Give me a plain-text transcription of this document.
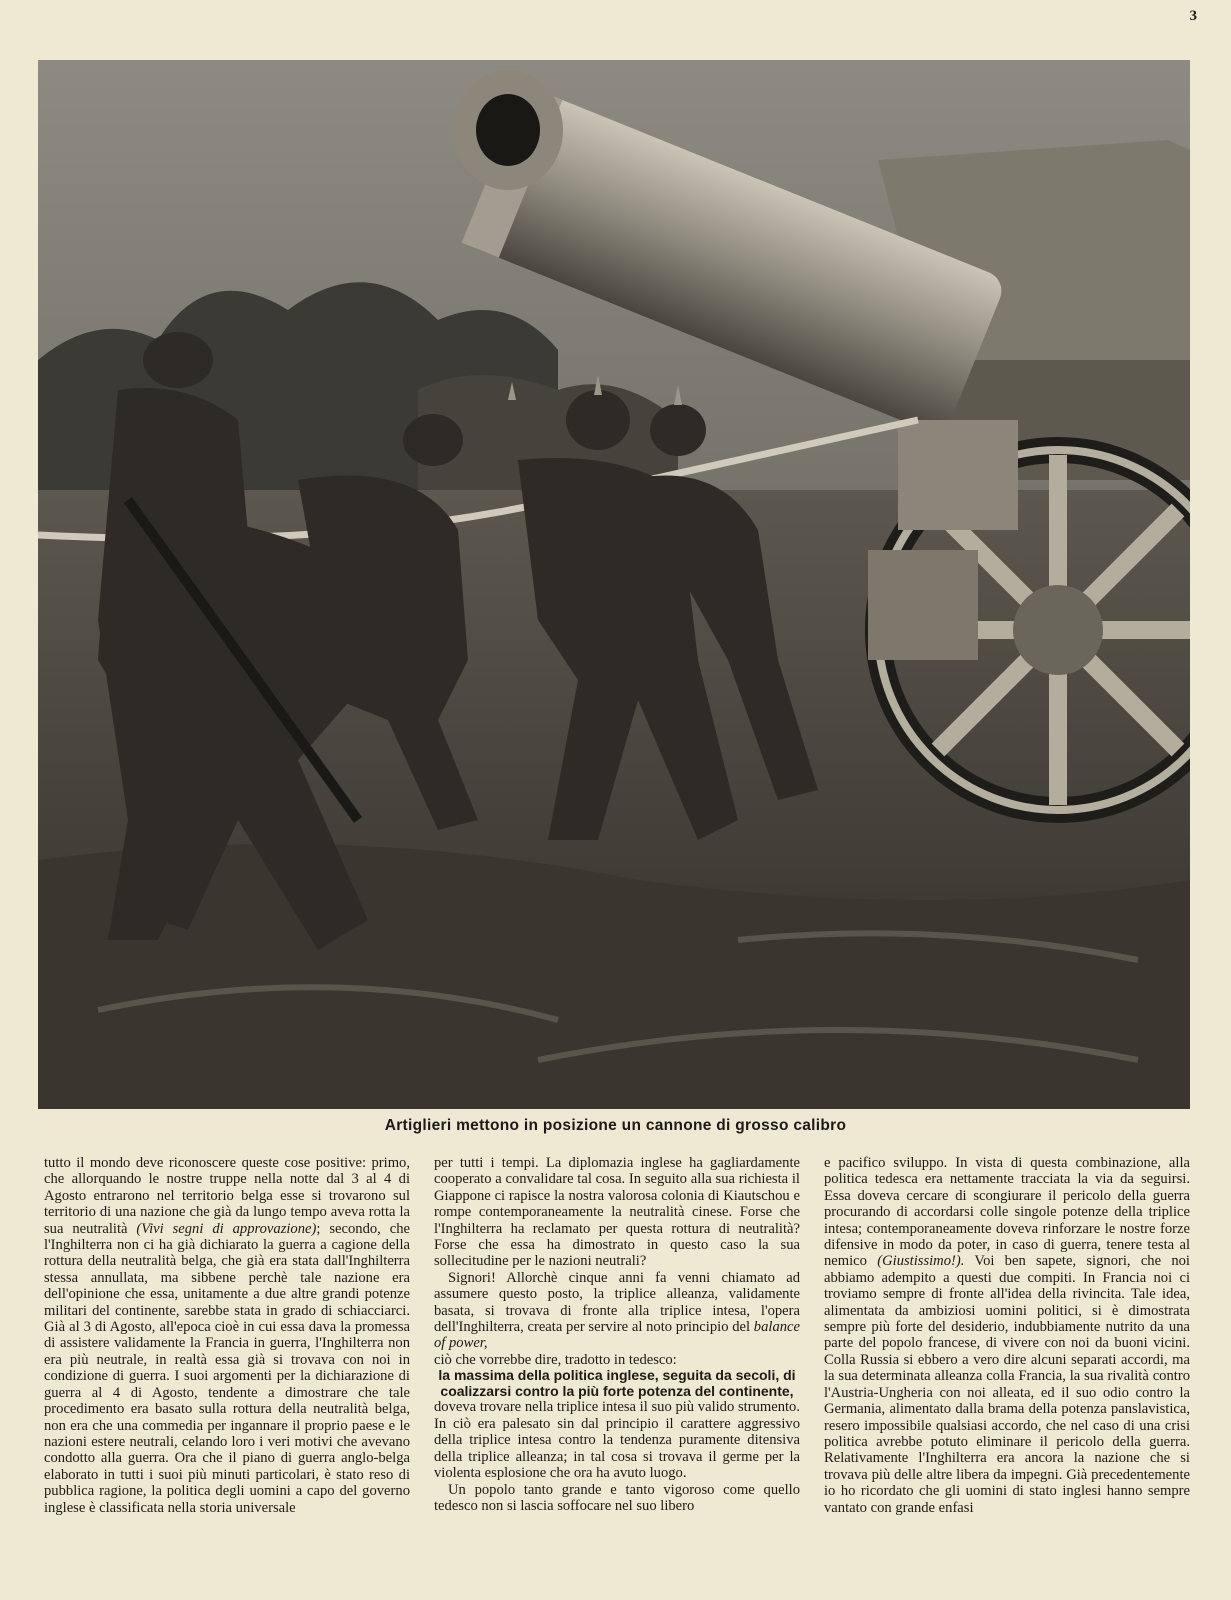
3
Artiglieri mettono in posizione un cannone di grosso calibro

tutto il mondo deve riconoscere queste cose positive: primo, che allorquando le nostre truppe nella notte dal 3 al 4 di Agosto entrarono nel territorio belga esse si trovarono sul territorio di una nazione che già da lungo tempo aveva rotta la sua neutralità (Vivi segni di approvazione); secondo, che l'Inghilterra non ci ha già dichiarato la guerra a cagione della rottura della neutralità belga, che già era stata dall'Inghilterra stessa annullata, ma sibbene perchè tale nazione era dell'opinione che essa, unitamente a due altre grandi potenze militari del continente, sarebbe stata in grado di schiacciarci. Già al 3 di Agosto, all'epoca cioè in cui essa dava la promessa di assistere validamente la Francia in guerra, l'Inghilterra non era più neutrale, in realtà essa già si trovava con noi in condizione di guerra. I suoi argomenti per la dichiarazione di guerra al 4 di Agosto, tendente a dimostrare che tale procedimento era basato sulla rottura della neutralità belga, non era che una commedia per ingannare il proprio paese e le nazioni estere neutrali, celando loro i veri motivi che avevano condotto alla guerra. Ora che il piano di guerra anglo-belga elaborato in tutti i suoi più minuti particolari, è stato reso di pubblica ragione, la politica degli uomini a capo del governo inglese è classificata nella storia universale

per tutti i tempi. La diplomazia inglese ha gagliardamente cooperato a convalidare tal cosa. In seguito alla sua richiesta il Giappone ci rapisce la nostra valorosa colonia di Kiautschou e rompe contemporaneamente la neutralità cinese. Forse che l'Inghilterra ha reclamato per questa rottura di neutralità? Forse che essa ha dimostrato in questo caso la sua sollecitudine per le nazioni neutrali?

Signori! Allorchè cinque anni fa venni chiamato ad assumere questo posto, la triplice alleanza, validamente basata, si trovava di fronte alla triplice intesa, l'opera dell'Inghilterra, creata per servire al noto principio del balance of power,
ciò che vorrebbe dire, tradotto in tedesco:

la massima della politica inglese, seguita da secoli, di coalizzarsi contro la più forte potenza del continente,

doveva trovare nella triplice intesa il suo più valido strumento. In ciò era palesato sin dal principio il carattere aggressivo della triplice intesa contro la tendenza puramente ditensiva della triplice alleanza; in tal cosa si trovava il germe per la violenta esplosione che ora ha avuto luogo.

Un popolo tanto grande e tanto vigoroso come quello tedesco non si lascia soffocare nel suo libero

e pacifico sviluppo. In vista di questa combinazione, alla politica tedesca era nettamente tracciata la via da seguirsi. Essa doveva cercare di scongiurare il pericolo della guerra procurando di accordarsi colle singole potenze della triplice intesa; contemporaneamente doveva rinforzare le nostre forze difensive in modo da poter, in caso di guerra, tenere testa al nemico (Giustissimo!). Voi ben sapete, signori, che noi abbiamo adempito a questi due compiti. In Francia noi ci troviamo sempre di fronte all'idea della rivincita. Tale idea, alimentata da ambiziosi uomini politici, si è dimostrata sempre più forte del desiderio, indubbiamente nutrito da una parte del popolo francese, di vivere con noi da buoni vicini. Colla Russia si ebbero a vero dire alcuni separati accordi, ma la sua determinata alleanza colla Francia, la sua rivalità contro l'Austria-Ungheria con noi alleata, ed il suo odio contro la Germania, alimentato dalla brama della potenza panslavistica, resero impossibile qualsiasi accordo, che nel caso di una crisi politica avrebbe potuto eliminare il pericolo della guerra. Relativamente l'Inghilterra era ancora la nazione che si trovava più delle altre libera da impegni. Già precedentemente io ho ricordato che gli uomini di stato inglesi hanno sempre vantato con grande enfasi
